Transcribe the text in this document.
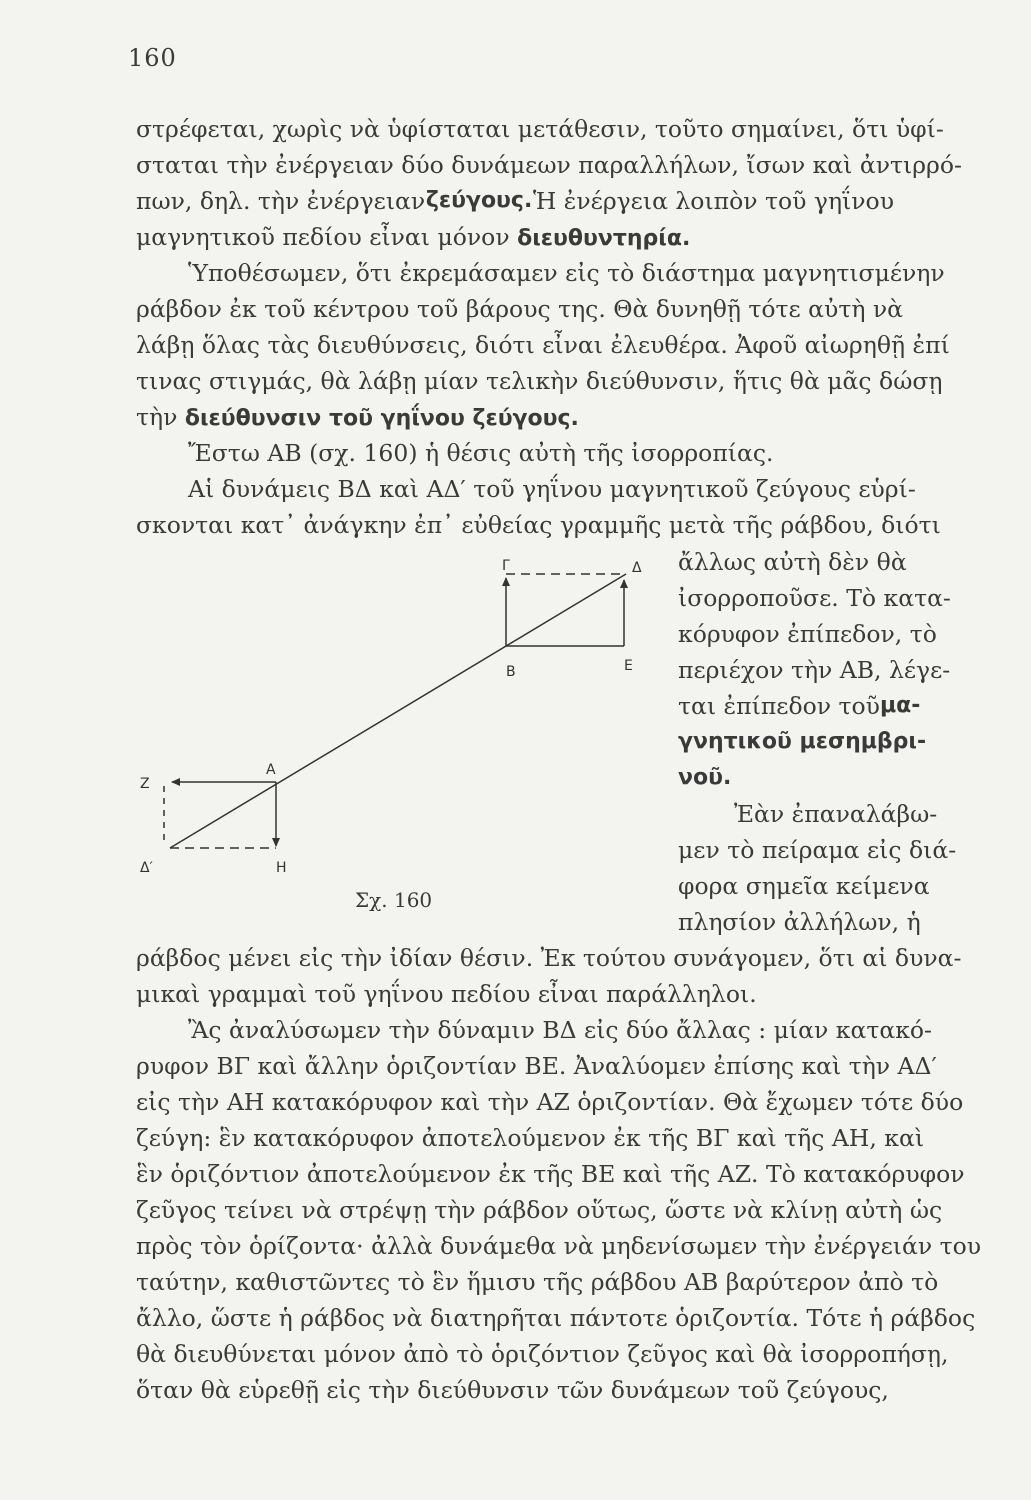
160
στρέφεται, χωρὶς νὰ ὑφίσταται μετάθεσιν, τοῦτο σημαίνει, ὅτι ὑφί-
σταται τὴν ἐνέργειαν δύο δυνάμεων παραλλήλων, ἴσων καὶ ἀντιρρό-
πων, δηλ. τὴν ἐνέργειαν ζεύγους. Ἡ ἐνέργεια λοιπὸν τοῦ γηΐνου
μαγνητικοῦ πεδίου εἶναι μόνον διευθυντηρία.
Ὑποθέσωμεν, ὅτι ἐκρεμάσαμεν εἰς τὸ διάστημα μαγνητισμένην
ράβδον ἐκ τοῦ κέντρου τοῦ βάρους της. Θὰ δυνηθῇ τότε αὐτὴ νὰ
λάβῃ ὅλας τὰς διευθύνσεις, διότι εἶναι ἐλευθέρα. Ἀφοῦ αἰωρηθῇ ἐπί
τινας στιγμάς, θὰ λάβῃ μίαν τελικὴν διεύθυνσιν, ἥτις θὰ μᾶς δώσῃ
τὴν διεύθυνσιν τοῦ γηΐνου ζεύγους.
Ἔστω ΑΒ (σχ. 160) ἡ θέσις αὐτὴ τῆς ἰσορροπίας.
Αἱ δυνάμεις ΒΔ καὶ ΑΔ′ τοῦ γηΐνου μαγνητικοῦ ζεύγους εὑρί-
σκονται κατ᾽ ἀνάγκην ἐπ᾽ εὐθείας γραμμῆς μετὰ τῆς ράβδου, διότι
ἄλλως αὐτὴ δὲν θὰ
ἰσορροποῦσε. Τὸ κατα-
κόρυφον ἐπίπεδον, τὸ
περιέχον τὴν ΑΒ, λέγε-
ται ἐπίπεδον τοῦ μα-
γνητικοῦ μεσημβρι-
νοῦ.
Ἐὰν ἐπαναλάβω-
μεν τὸ πείραμα εἰς διά-
φορα σημεῖα κείμενα
πλησίον ἀλλήλων, ἡ
Γ	Δ
Β	Ε
Α
Ζ
Δ′	Η
Σχ. 160
ράβδος μένει εἰς τὴν ἰδίαν θέσιν. Ἐκ τούτου συνάγομεν, ὅτι αἱ δυνα-
μικαὶ γραμμαὶ τοῦ γηΐνου πεδίου εἶναι παράλληλοι.
Ἂς ἀναλύσωμεν τὴν δύναμιν ΒΔ εἰς δύο ἄλλας : μίαν κατακό-
ρυφον ΒΓ καὶ ἄλλην ὁριζοντίαν ΒΕ. Ἀναλύομεν ἐπίσης καὶ τὴν ΑΔ′
εἰς τὴν ΑΗ κατακόρυφον καὶ τὴν ΑΖ ὁριζοντίαν. Θὰ ἔχωμεν τότε δύο
ζεύγη: ἓν κατακόρυφον ἀποτελούμενον ἐκ τῆς ΒΓ καὶ τῆς ΑΗ, καὶ
ἓν ὁριζόντιον ἀποτελούμενον ἐκ τῆς ΒΕ καὶ τῆς ΑΖ. Τὸ κατακόρυφον
ζεῦγος τείνει νὰ στρέψῃ τὴν ράβδον οὕτως, ὥστε νὰ κλίνῃ αὐτὴ ὡς
πρὸς τὸν ὁρίζοντα· ἀλλὰ δυνάμεθα νὰ μηδενίσωμεν τὴν ἐνέργειάν του
ταύτην, καθιστῶντες τὸ ἓν ἥμισυ τῆς ράβδου ΑΒ βαρύτερον ἀπὸ τὸ
ἄλλο, ὥστε ἡ ράβδος νὰ διατηρῆται πάντοτε ὁριζοντία. Τότε ἡ ράβδος
θὰ διευθύνεται μόνον ἀπὸ τὸ ὁριζόντιον ζεῦγος καὶ θὰ ἰσορροπήσῃ,
ὅταν θὰ εὑρεθῇ εἰς τὴν διεύθυνσιν τῶν δυνάμεων τοῦ ζεύγους,
